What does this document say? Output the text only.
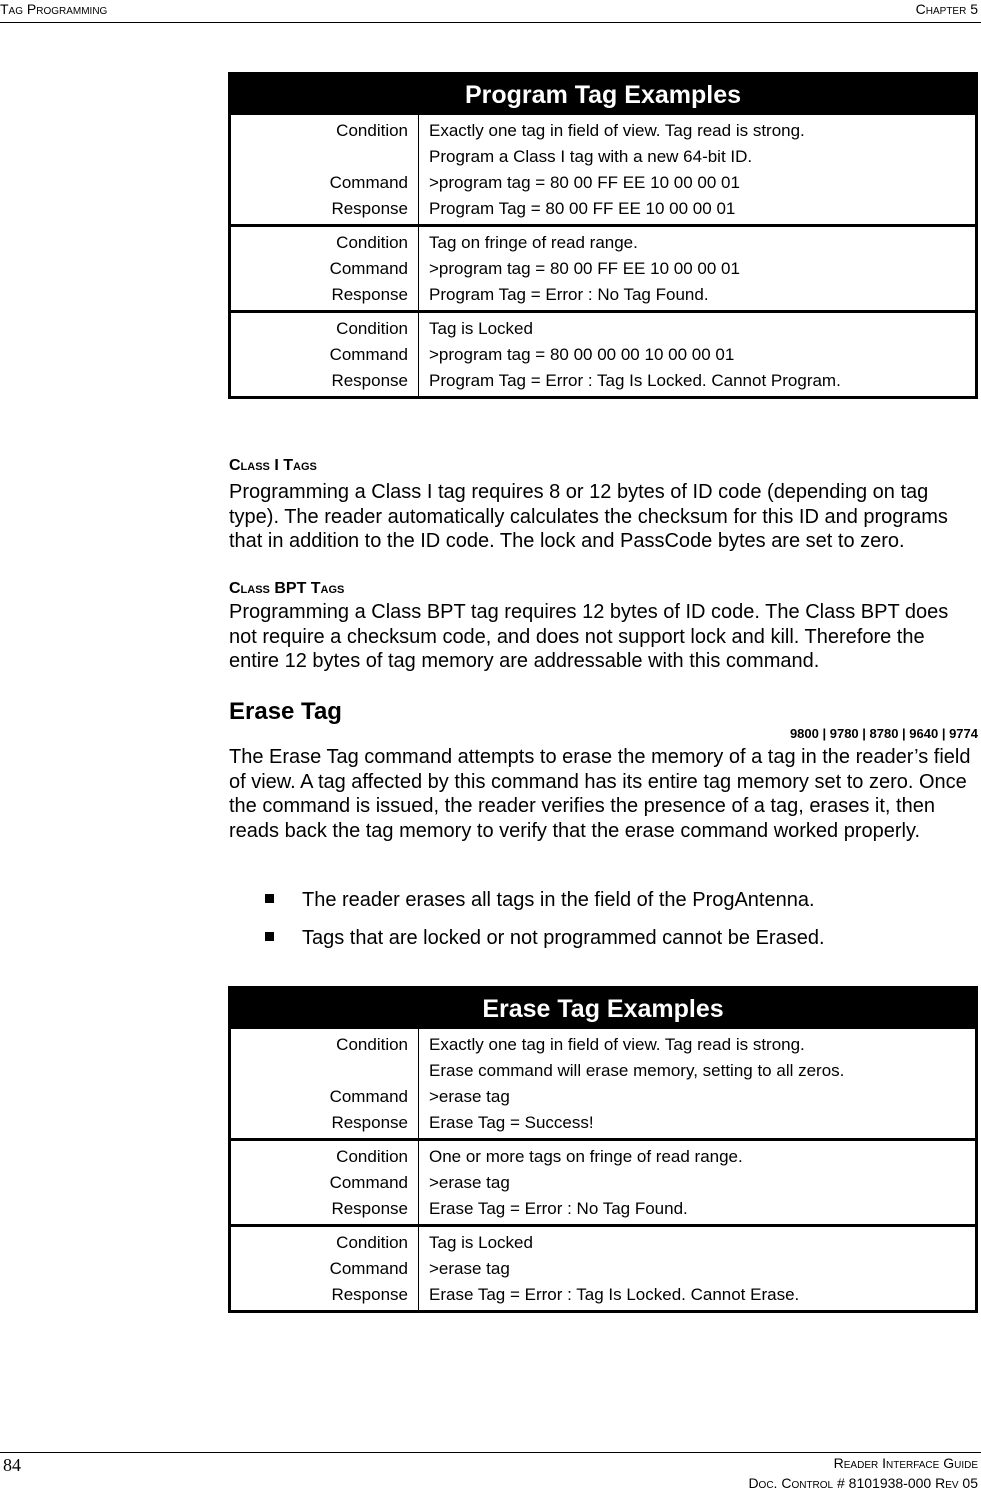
Tag Programming	Chapter 5
Program Tag Examples
Condition

Command
Response
Exactly one tag in field of view. Tag read is strong.
Program a Class I tag with a new 64-bit ID.
>program tag = 80 00 FF EE 10 00 00 01
Program Tag = 80 00 FF EE 10 00 00 01
Condition
Command
Response
Tag on fringe of read range.
>program tag = 80 00 FF EE 10 00 00 01
Program Tag = Error : No Tag Found.
Condition
Command
Response
Tag is Locked
>program tag = 80 00 00 00 10 00 00 01
Program Tag = Error : Tag Is Locked. Cannot Program.
Class I Tags
Programming a Class I tag requires 8 or 12 bytes of ID code (depending on tag type). The reader automatically calculates the checksum for this ID and programs that in addition to the ID code. The lock and PassCode bytes are set to zero.
Class BPT Tags
Programming a Class BPT tag requires 12 bytes of ID code. The Class BPT does not require a checksum code, and does not support lock and kill. Therefore the entire 12 bytes of tag memory are addressable with this command.
Erase Tag
9800 | 9780 | 8780 | 9640 | 9774
The Erase Tag command attempts to erase the memory of a tag in the reader’s field of view. A tag affected by this command has its entire tag memory set to zero. Once the command is issued, the reader verifies the presence of a tag, erases it, then reads back the tag memory to verify that the erase command worked properly.
The reader erases all tags in the field of the ProgAntenna.
Tags that are locked or not programmed cannot be Erased.
Erase Tag Examples
Condition

Command
Response
Exactly one tag in field of view. Tag read is strong.
Erase command will erase memory, setting to all zeros.
>erase tag
Erase Tag = Success!
Condition
Command
Response
One or more tags on fringe of read range.
>erase tag
Erase Tag = Error : No Tag Found.
Condition
Command
Response
Tag is Locked
>erase tag
Erase Tag = Error : Tag Is Locked. Cannot Erase.
84	Reader Interface Guide
Doc. Control # 8101938-000 Rev 05
